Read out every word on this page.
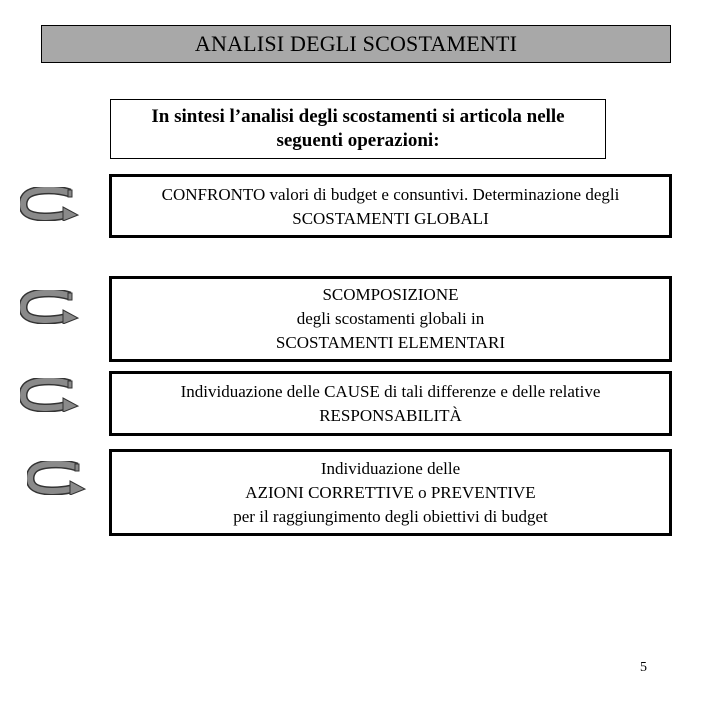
ANALISI DEGLI SCOSTAMENTI
In sintesi l’analisi degli scostamenti si articola nelle seguenti operazioni:
CONFRONTO valori di budget e consuntivi. Determinazione degli
SCOSTAMENTI GLOBALI
SCOMPOSIZIONE
degli scostamenti globali in
SCOSTAMENTI ELEMENTARI
Individuazione delle CAUSE di tali differenze e delle relative
RESPONSABILITÀ
Individuazione delle
AZIONI CORRETTIVE o PREVENTIVE
per il raggiungimento degli obiettivi di budget
5
